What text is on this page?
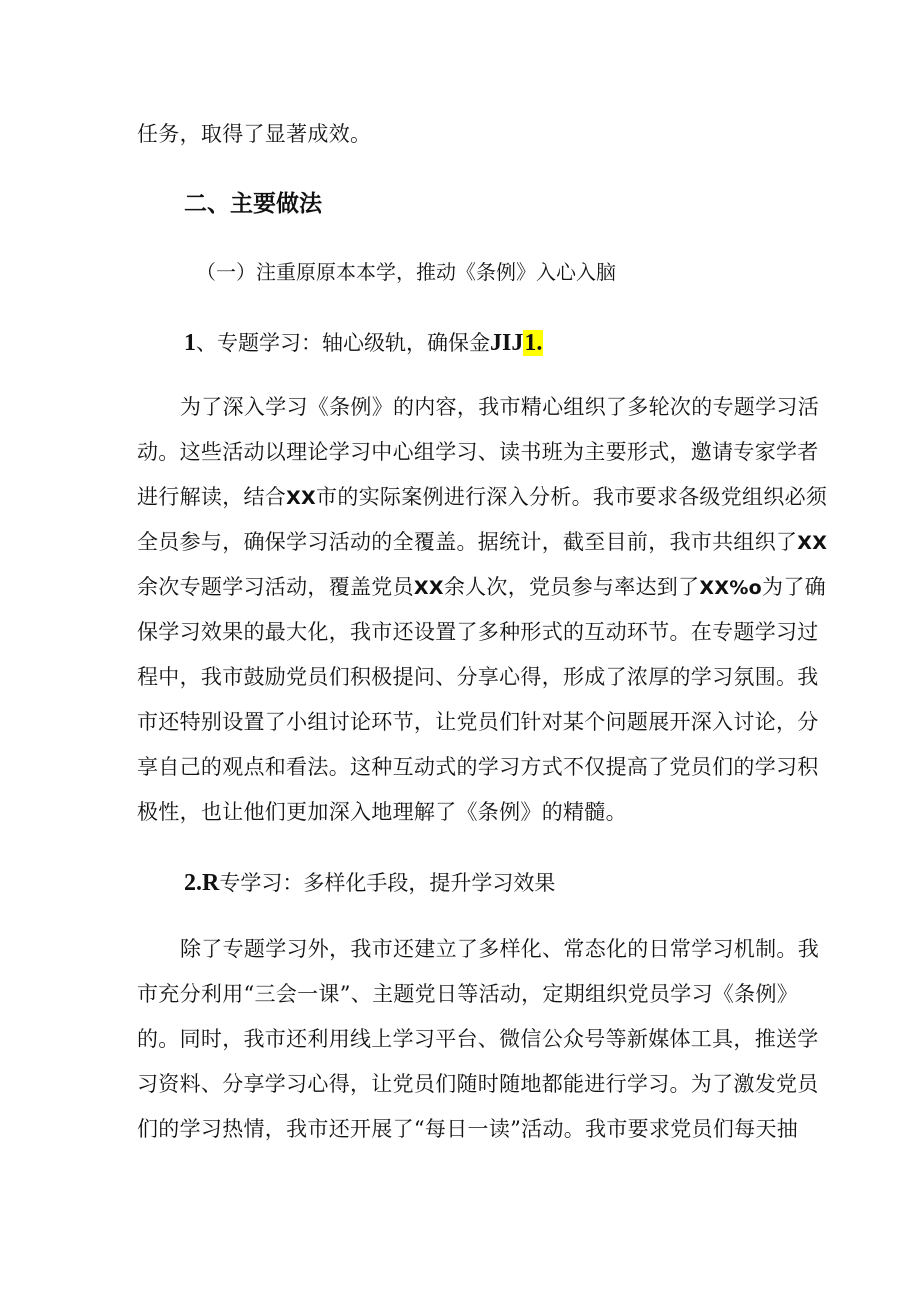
任务，取得了显著成效。
二、主要做法
（一）注重原原本本学，推动《条例》入心入脑
1、专题学习：轴心级轨，确保金JIJ1.
为了深入学习《条例》的内容，我市精心组织了多轮次的专题学习活
动。这些活动以理论学习中心组学习、读书班为主要形式，邀请专家学者
进行解读，结合XX市的实际案例进行深入分析。我市要求各级党组织必须
全员参与，确保学习活动的全覆盖。据统计，截至目前，我市共组织了XX
余次专题学习活动，覆盖党员XX余人次，党员参与率达到了XX%o为了确
保学习效果的最大化，我市还设置了多种形式的互动环节。在专题学习过
程中，我市鼓励党员们积极提问、分享心得，形成了浓厚的学习氛围。我
市还特别设置了小组讨论环节，让党员们针对某个问题展开深入讨论，分
享自己的观点和看法。这种互动式的学习方式不仅提高了党员们的学习积
极性，也让他们更加深入地理解了《条例》的精髓。
2.R专学习：多样化手段，提升学习效果
除了专题学习外，我市还建立了多样化、常态化的日常学习机制。我
市充分利用“三会一课”、主题党日等活动，定期组织党员学习《条例》
的。同时，我市还利用线上学习平台、微信公众号等新媒体工具，推送学
习资料、分享学习心得，让党员们随时随地都能进行学习。为了激发党员
们的学习热情，我市还开展了“每日一读”活动。我市要求党员们每天抽
